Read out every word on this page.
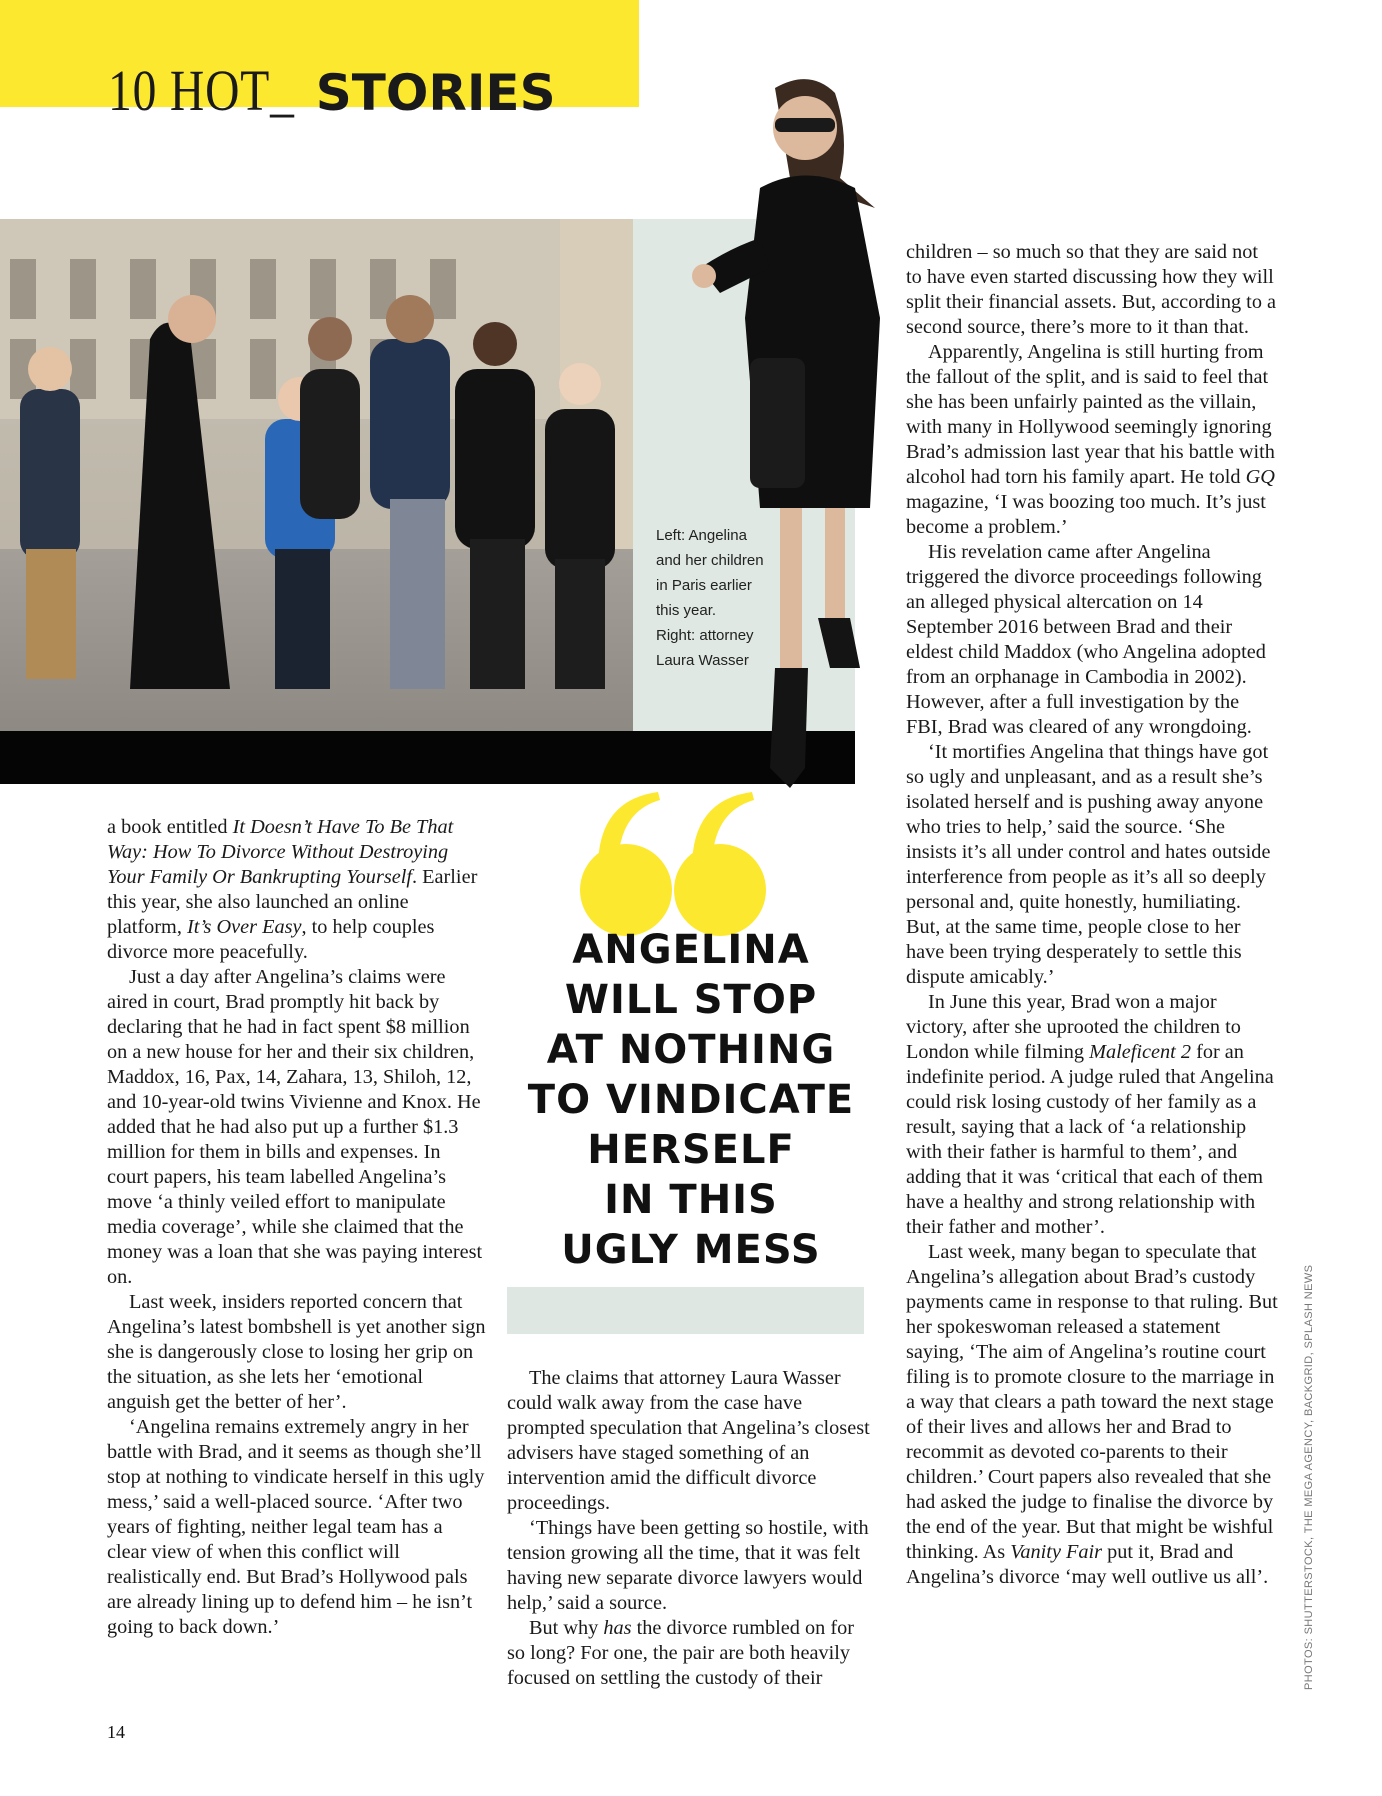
10 HOT_ STORIES
Left: Angelina
and her children
in Paris earlier
this year.
Right: attorney
Laura Wasser
ANGELINA
WILL STOP
AT NOTHING
TO VINDICATE
HERSELF
IN THIS
UGLY MESS

a book entitled It Doesn’t Have To Be That Way: How To Divorce Without Destroying Your Family Or Bankrupting Yourself. Earlier this year, she also launched an online platform, It’s Over Easy, to help couples divorce more peacefully.

Just a day after Angelina’s claims were aired in court, Brad promptly hit back by declaring that he had in fact spent $8 million on a new house for her and their six children, Maddox, 16, Pax, 14, Zahara, 13, Shiloh, 12, and 10-year-old twins Vivienne and Knox. He added that he had also put up a further $1.3 million for them in bills and expenses. In court papers, his team labelled Angelina’s move ‘a thinly veiled effort to manipulate media coverage’, while she claimed that the money was a loan that she was paying interest on.

Last week, insiders reported concern that Angelina’s latest bombshell is yet another sign she is dangerously close to losing her grip on the situation, as she lets her ‘emotional anguish get the better of her’.

‘Angelina remains extremely angry in her battle with Brad, and it seems as though she’ll stop at nothing to vindicate herself in this ugly mess,’ said a well-placed source. ‘After two years of fighting, neither legal team has a clear view of when this conflict will realistically end. But Brad’s Hollywood pals are already lining up to defend him – he isn’t going to back down.’

The claims that attorney Laura Wasser could walk away from the case have prompted speculation that Angelina’s closest advisers have staged something of an intervention amid the difficult divorce proceedings.

‘Things have been getting so hostile, with tension growing all the time, that it was felt having new separate divorce lawyers would help,’ said a source.

But why has the divorce rumbled on for so long? For one, the pair are both heavily focused on settling the custody of their

children – so much so that they are said not to have even started discussing how they will split their financial assets. But, according to a second source, there’s more to it than that.

Apparently, Angelina is still hurting from the fallout of the split, and is said to feel that she has been unfairly painted as the villain, with many in Hollywood seemingly ignoring Brad’s admission last year that his battle with alcohol had torn his family apart. He told GQ magazine, ‘I was boozing too much. It’s just become a problem.’

His revelation came after Angelina triggered the divorce proceedings following an alleged physical altercation on 14 September 2016 between Brad and their eldest child Maddox (who Angelina adopted from an orphanage in Cambodia in 2002). However, after a full investigation by the FBI, Brad was cleared of any wrongdoing.

‘It mortifies Angelina that things have got so ugly and unpleasant, and as a result she’s isolated herself and is pushing away anyone who tries to help,’ said the source. ‘She insists it’s all under control and hates outside interference from people as it’s all so deeply personal and, quite honestly, humiliating. But, at the same time, people close to her have been trying desperately to settle this dispute amicably.’

In June this year, Brad won a major victory, after she uprooted the children to London while filming Maleficent 2 for an indefinite period. A judge ruled that Angelina could risk losing custody of her family as a result, saying that a lack of ‘a relationship with their father is harmful to them’, and adding that it was ‘critical that each of them have a healthy and strong relationship with their father and mother’.

Last week, many began to speculate that Angelina’s allegation about Brad’s custody payments came in response to that ruling. But her spokeswoman released a statement saying, ‘The aim of Angelina’s routine court filing is to promote closure to the marriage in a way that clears a path toward the next stage of their lives and allows her and Brad to recommit as devoted co-parents to their children.’ Court papers also revealed that she had asked the judge to finalise the divorce by the end of the year. But that might be wishful thinking. As Vanity Fair put it, Brad and Angelina’s divorce ‘may well outlive us all’.

14
PHOTOS: SHUTTERSTOCK, THE MEGA AGENCY, BACKGRID, SPLASH NEWS
